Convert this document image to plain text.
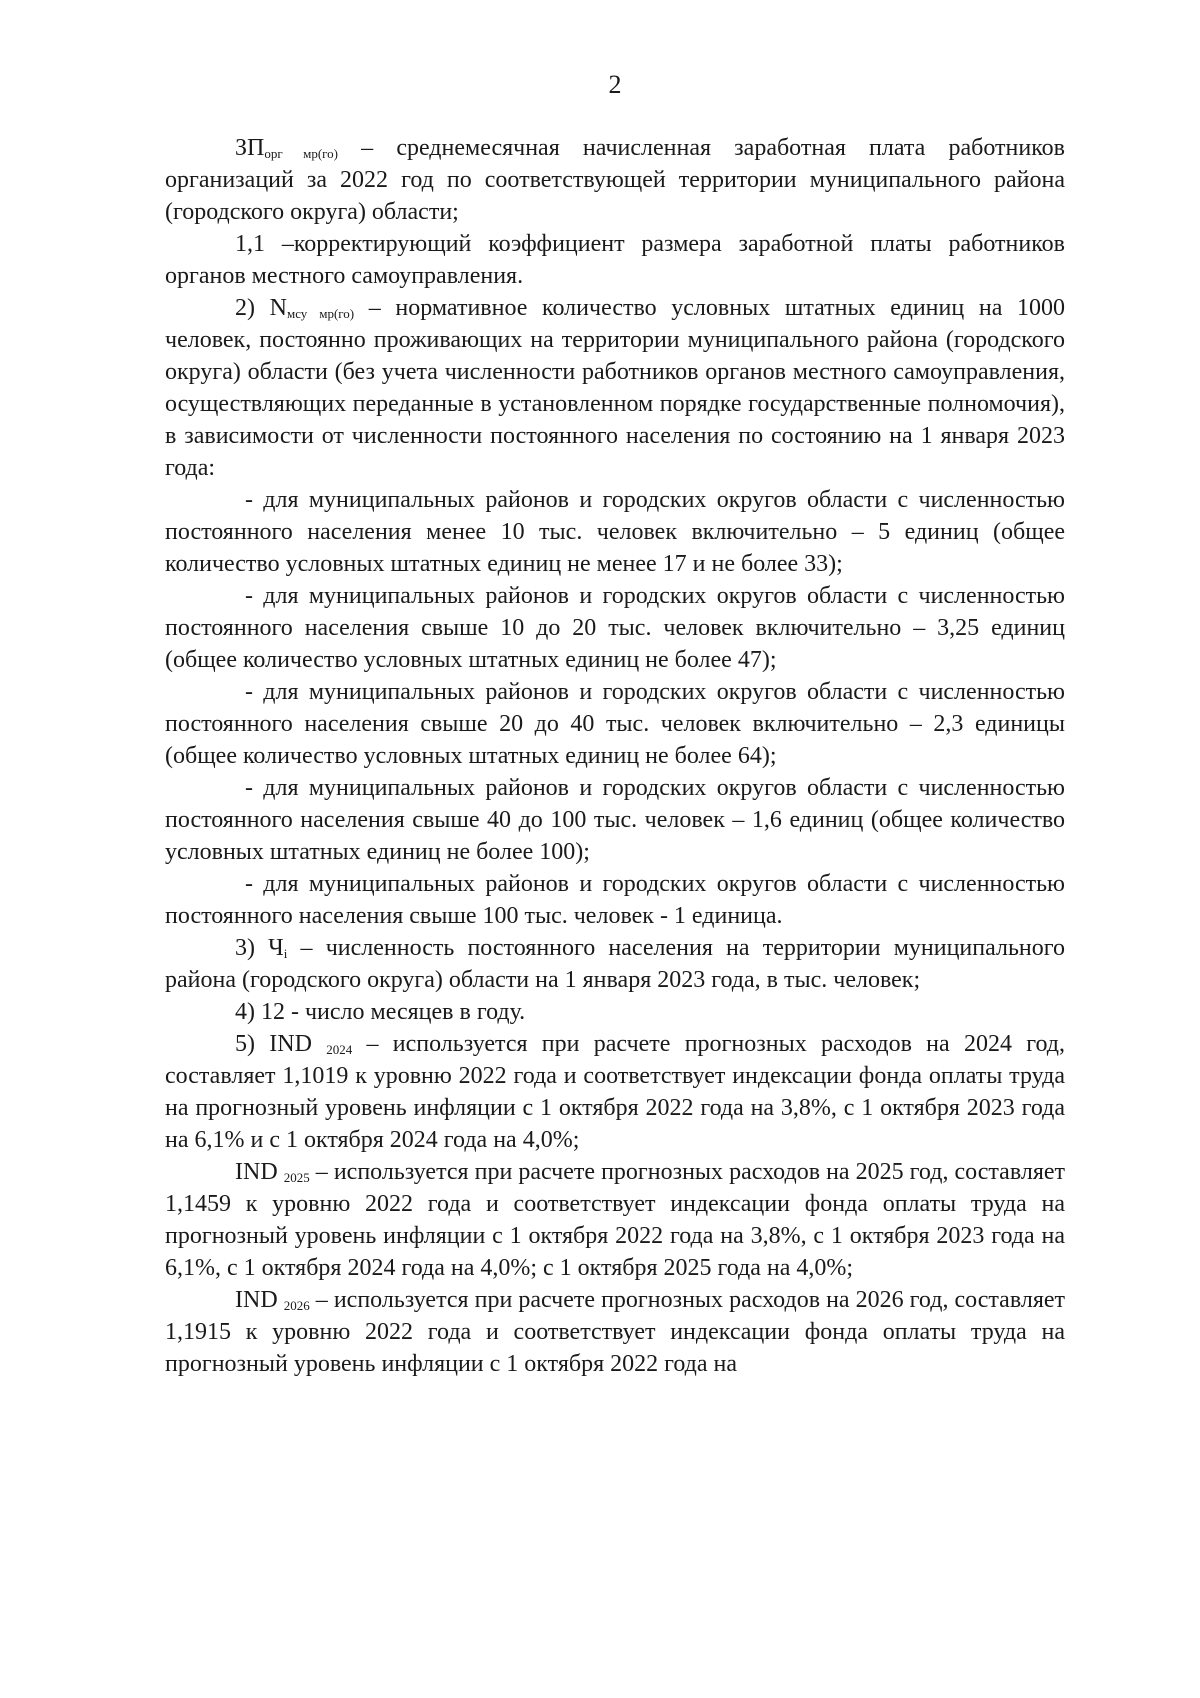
2

$ЗП_{орг мр(го)}$ – среднемесячная начисленная заработная плата работников организаций за 2022 год по соответствующей территории муниципального района (городского округа) области;

1,1 –корректирующий коэффициент размера заработной платы работников органов местного самоуправления.

2) $N_{мсу мр(го)}$ – нормативное количество условных штатных единиц на 1000 человек, постоянно проживающих на территории муниципального района (городского округа) области (без учета численности работников органов местного самоуправления, осуществляющих переданные в установленном порядке государственные полномочия), в зависимости от численности постоянного населения по состоянию на 1 января 2023 года:

- для муниципальных районов и городских округов области с численностью постоянного населения менее 10 тыс. человек включительно – 5 единиц (общее количество условных штатных единиц не менее 17 и не более 33);

- для муниципальных районов и городских округов области с численностью постоянного населения свыше 10 до 20 тыс. человек включительно – 3,25 единиц (общее количество условных штатных единиц не более 47);

- для муниципальных районов и городских округов области с численностью постоянного населения свыше 20 до 40 тыс. человек включительно – 2,3 единицы (общее количество условных штатных единиц не более 64);

- для муниципальных районов и городских округов области с численностью постоянного населения свыше 40 до 100 тыс. человек – 1,6 единиц (общее количество условных штатных единиц не более 100);

- для муниципальных районов и городских округов области с численностью постоянного населения свыше 100 тыс. человек - 1 единица.

3) $Ч_i$ – численность постоянного населения на территории муниципального района (городского округа) области на 1 января 2023 года, в тыс. человек;

4) 12 - число месяцев в году.

5) IND $_{2024}$ – используется при расчете прогнозных расходов на 2024 год, составляет 1,1019 к уровню 2022 года и соответствует индексации фонда оплаты труда на прогнозный уровень инфляции с 1 октября 2022 года на 3,8%, с 1 октября 2023 года на 6,1% и с 1 октября 2024 года на 4,0%;

IND $_{2025}$ – используется при расчете прогнозных расходов на 2025 год, составляет 1,1459 к уровню 2022 года и соответствует индексации фонда оплаты труда на прогнозный уровень инфляции с 1 октября 2022 года на 3,8%, с 1 октября 2023 года на 6,1%, с 1 октября 2024 года на 4,0%; с 1 октября 2025 года на 4,0%;

IND $_{2026}$ – используется при расчете прогнозных расходов на 2026 год, составляет 1,1915 к уровню 2022 года и соответствует индексации фонда оплаты труда на прогнозный уровень инфляции с 1 октября 2022 года на
